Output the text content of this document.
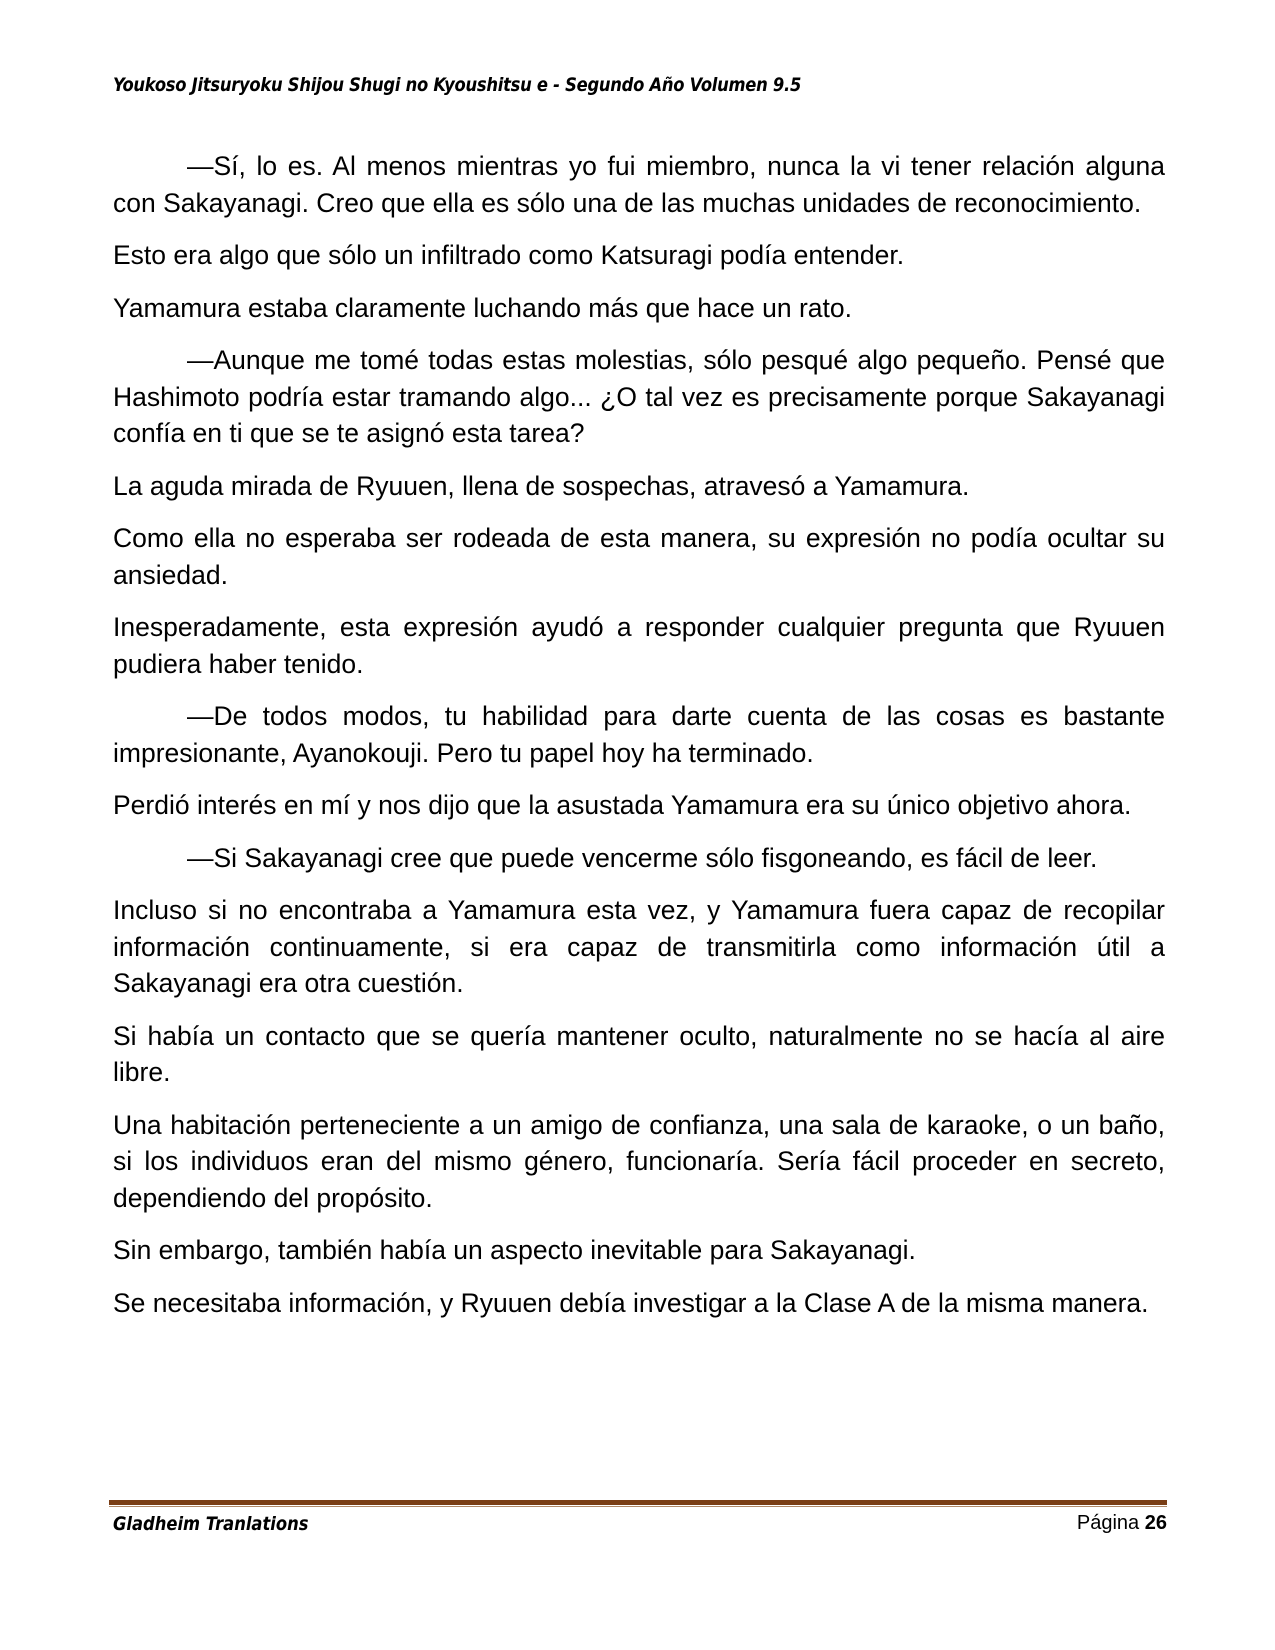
Youkoso Jitsuryoku Shijou Shugi no Kyoushitsu e - Segundo Año Volumen 9.5

—Sí, lo es. Al menos mientras yo fui miembro, nunca la vi tener relación alguna con Sakayanagi. Creo que ella es sólo una de las muchas unidades de reconocimiento.

Esto era algo que sólo un infiltrado como Katsuragi podía entender.

Yamamura estaba claramente luchando más que hace un rato.

—Aunque me tomé todas estas molestias, sólo pesqué algo pequeño. Pensé que Hashimoto podría estar tramando algo... ¿O tal vez es precisamente porque Sakayanagi confía en ti que se te asignó esta tarea?

La aguda mirada de Ryuuen, llena de sospechas, atravesó a Yamamura.

Como ella no esperaba ser rodeada de esta manera, su expresión no podía ocultar su ansiedad.

Inesperadamente, esta expresión ayudó a responder cualquier pregunta que Ryuuen pudiera haber tenido.

—De todos modos, tu habilidad para darte cuenta de las cosas es bastante impresionante, Ayanokouji. Pero tu papel hoy ha terminado.

Perdió interés en mí y nos dijo que la asustada Yamamura era su único objetivo ahora.

—Si Sakayanagi cree que puede vencerme sólo fisgoneando, es fácil de leer.

Incluso si no encontraba a Yamamura esta vez, y Yamamura fuera capaz de recopilar información continuamente, si era capaz de transmitirla como información útil a Sakayanagi era otra cuestión.

Si había un contacto que se quería mantener oculto, naturalmente no se hacía al aire libre.

Una habitación perteneciente a un amigo de confianza, una sala de karaoke, o un baño, si los individuos eran del mismo género, funcionaría. Sería fácil proceder en secreto, dependiendo del propósito.

Sin embargo, también había un aspecto inevitable para Sakayanagi.

Se necesitaba información, y Ryuuen debía investigar a la Clase A de la misma manera.

Gladheim Tranlations	Página 26
